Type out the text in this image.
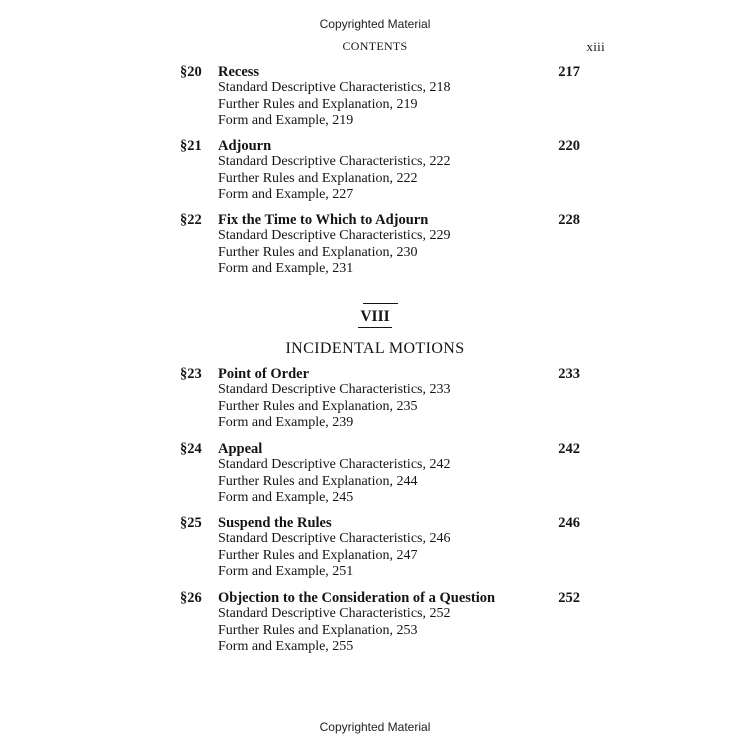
Copyrighted Material
CONTENTS	xiii
§20 Recess	217
Standard Descriptive Characteristics, 218
Further Rules and Explanation, 219
Form and Example, 219
§21 Adjourn	220
Standard Descriptive Characteristics, 222
Further Rules and Explanation, 222
Form and Example, 227
§22 Fix the Time to Which to Adjourn	228
Standard Descriptive Characteristics, 229
Further Rules and Explanation, 230
Form and Example, 231
VIII
INCIDENTAL MOTIONS
§23 Point of Order	233
Standard Descriptive Characteristics, 233
Further Rules and Explanation, 235
Form and Example, 239
§24 Appeal	242
Standard Descriptive Characteristics, 242
Further Rules and Explanation, 244
Form and Example, 245
§25 Suspend the Rules	246
Standard Descriptive Characteristics, 246
Further Rules and Explanation, 247
Form and Example, 251
§26 Objection to the Consideration of a Question	252
Standard Descriptive Characteristics, 252
Further Rules and Explanation, 253
Form and Example, 255
Copyrighted Material
